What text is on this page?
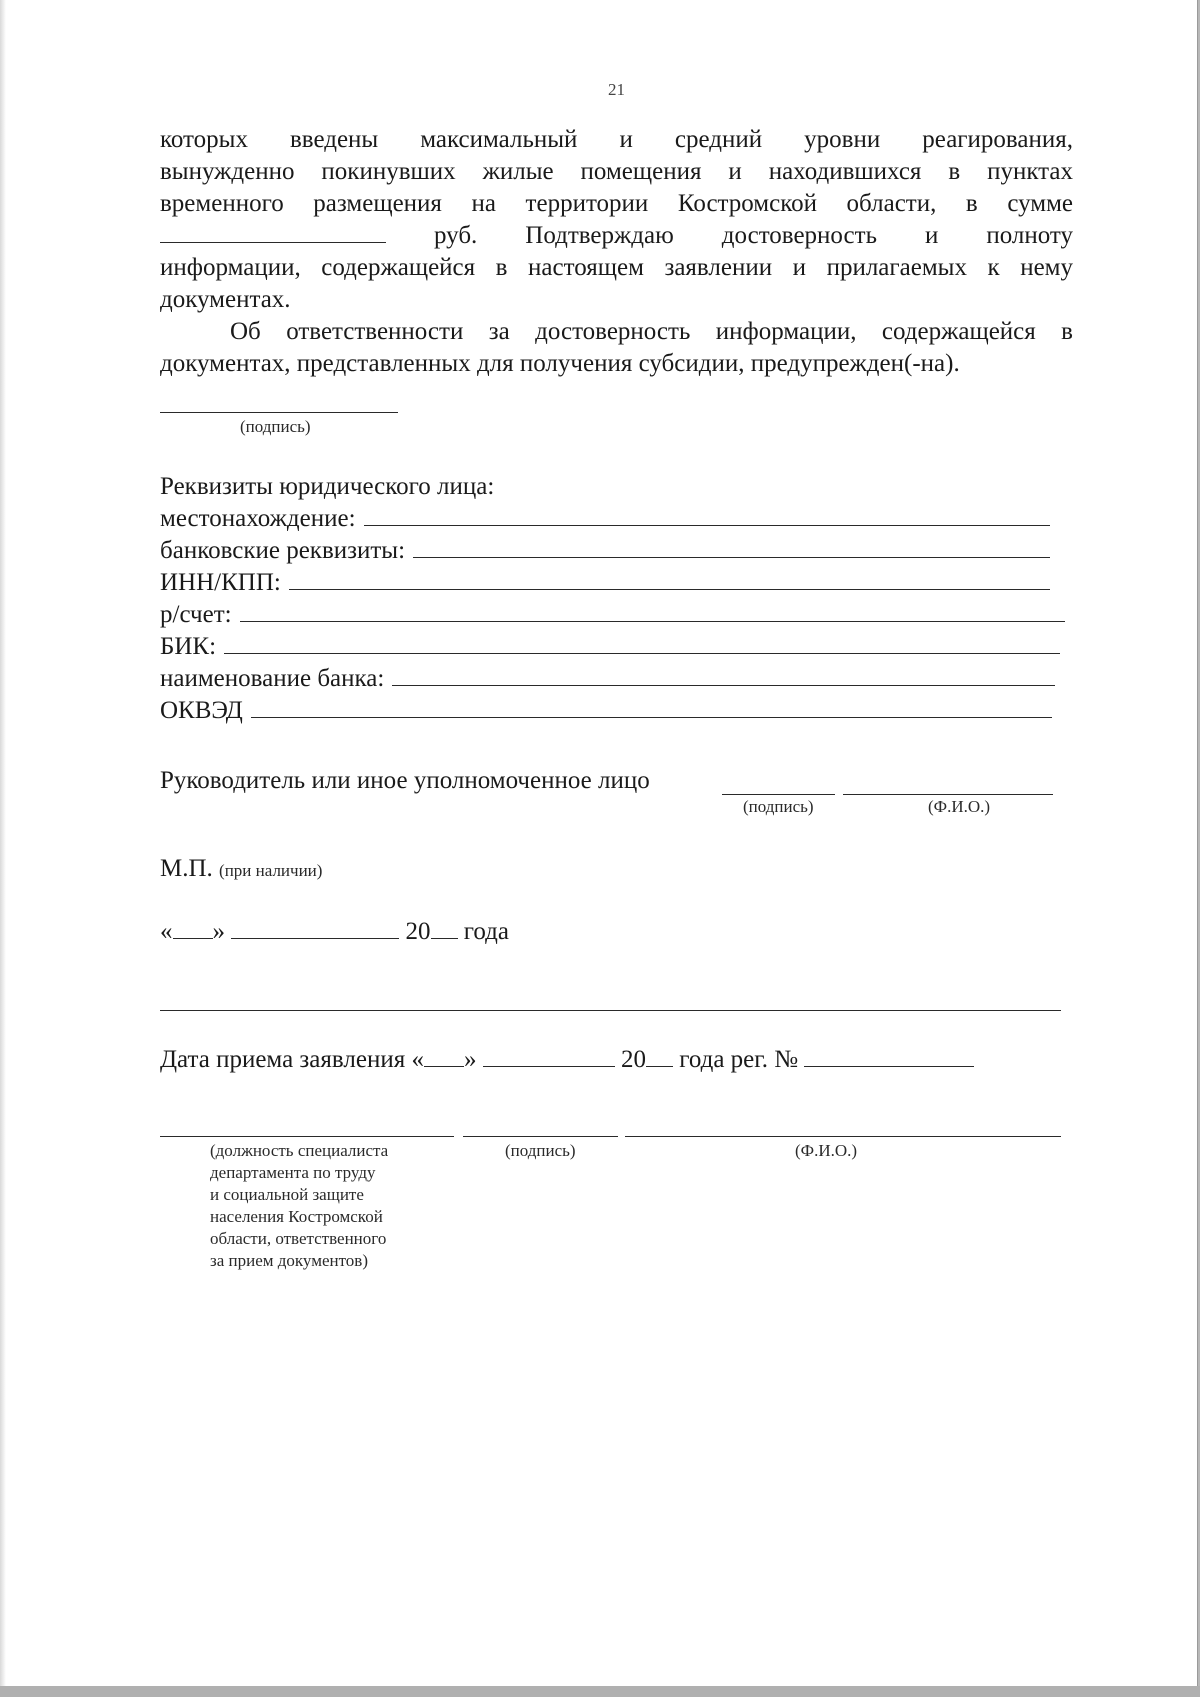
21
которых введены максимальный и средний уровни реагирования,
вынужденно покинувших жилые помещения и находившихся в пунктах
временного размещения на территории Костромской области, в сумме
руб. Подтверждаю достоверность и полноту
информации, содержащейся в настоящем заявлении и прилагаемых к нему
документах.
Об ответственности за достоверность информации, содержащейся в
документах, представленных для получения субсидии, предупрежден(-на).
(подпись)
Реквизиты юридического лица:
местонахождение:
банковские реквизиты:
ИНН/КПП:
р/счет:
БИК:
наименование банка:
ОКВЭД
Руководитель или иное уполномоченное лицо
(подпись)	(Ф.И.О.)
М.П. (при наличии)
« »	20 года
Дата приема заявления « »	20 года рег. №
(должность специалиста
департамента по труду
и социальной защите
населения Костромской
области, ответственного
за прием документов)
(подпись)	(Ф.И.О.)
